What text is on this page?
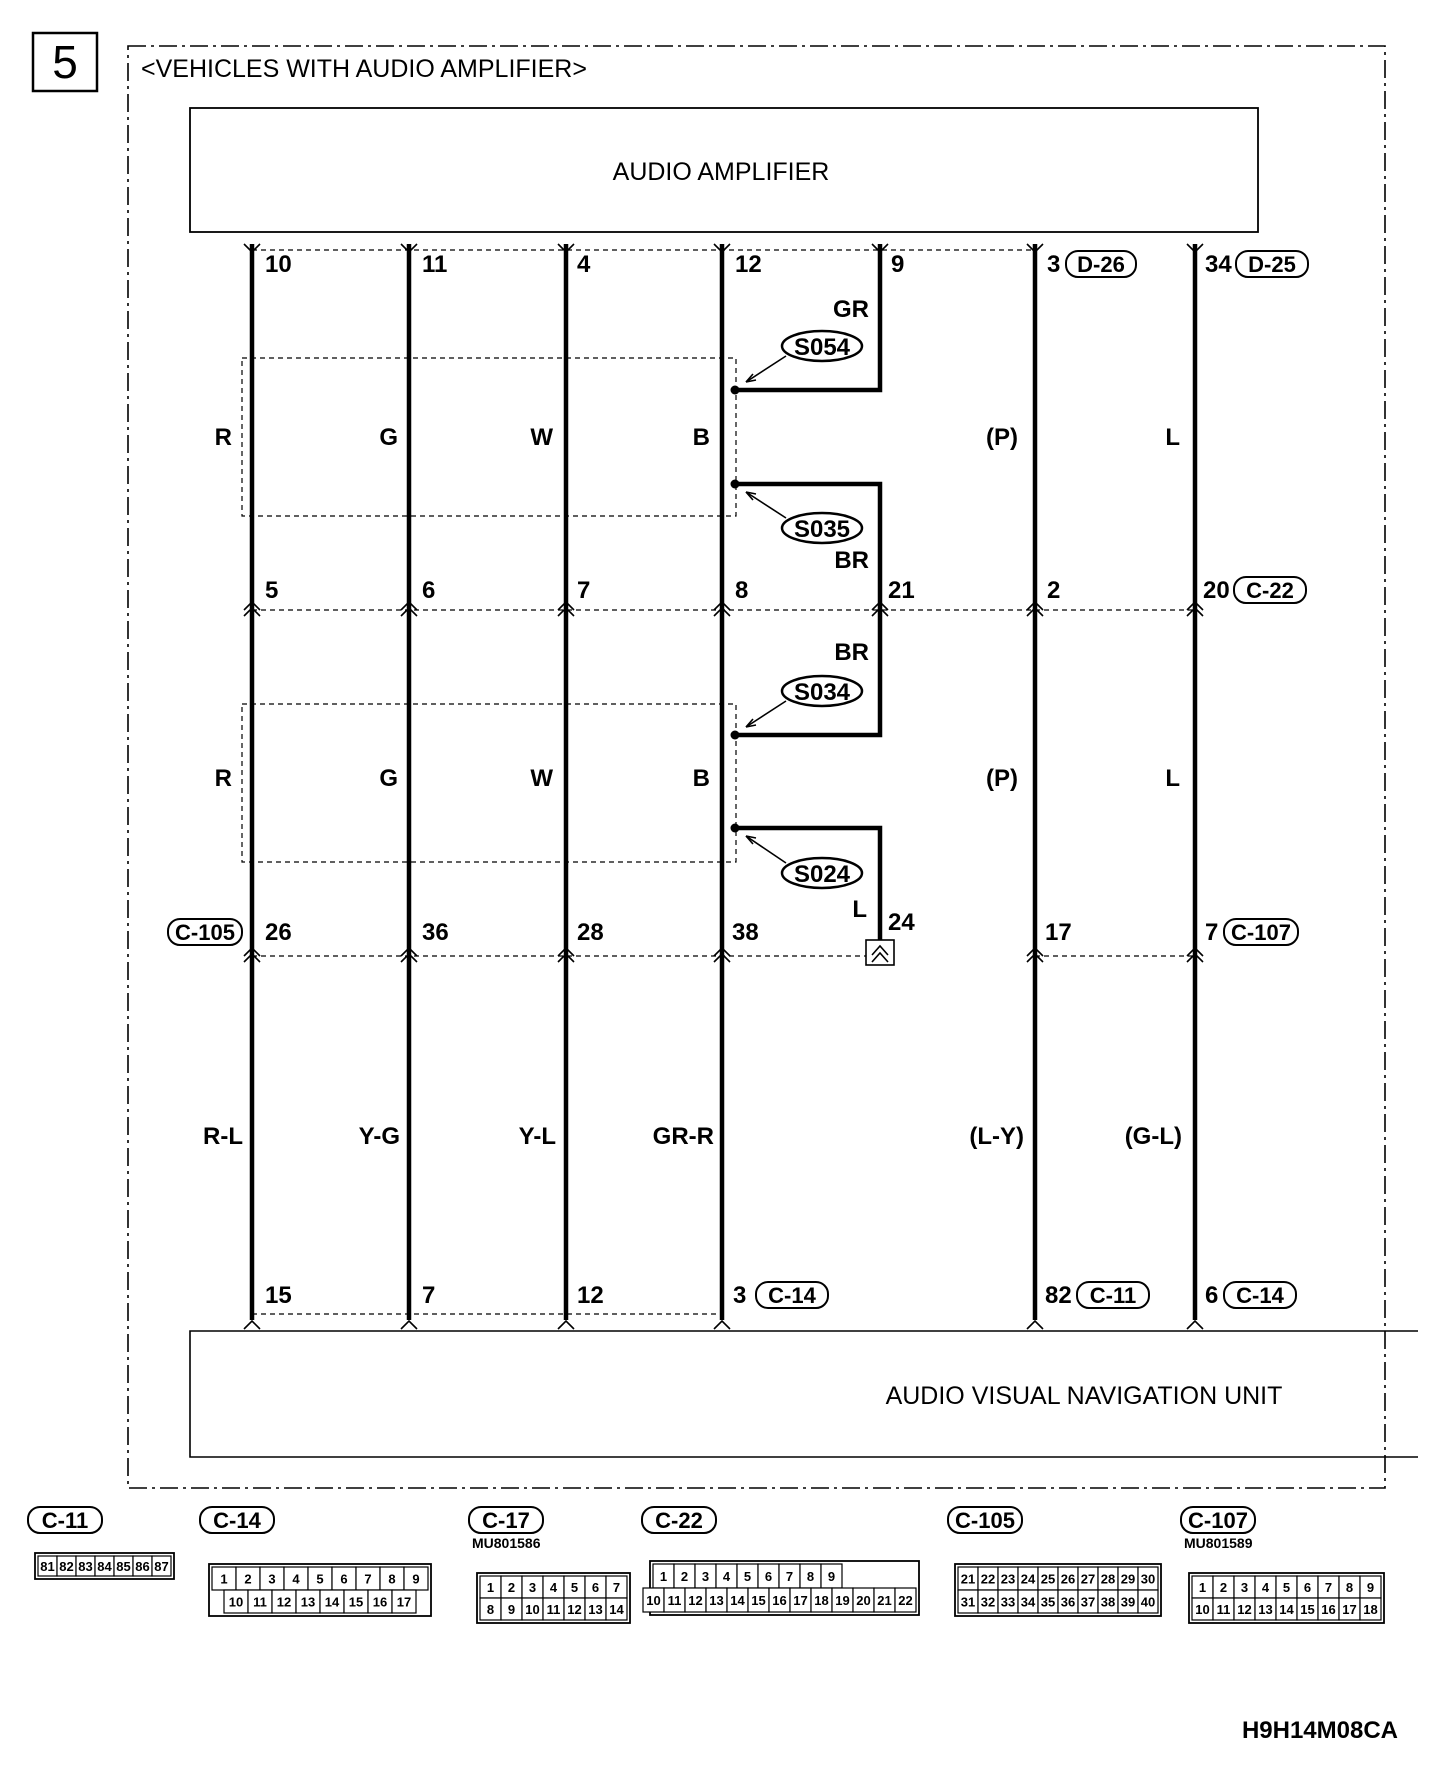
5	<VEHICLES WITH AUDIO AMPLIFIER>
AUDIO AMPLIFIER
AUDIO VISUAL NAVIGATION UNIT
S054
S035
S034
S024
10	11	4	12	9	3	34
D-26	D-25
C-22
C-105	C-107
C-14	C-11	C-14
5	6	7	8	21	2	20
26	36	28	38	24	17	7
15	7	12	3	82	6
R	G	W	B	(P)	L
R	G	W	B	(P)	L
R-L	Y-G	Y-L	GR-R	(L-Y)	(G-L)
GR
BR
BR
L
C-11
81 82 83 84 85 86 87
C-14
1 2 3 4 5 6 7 8 9
10 11 12 13 14 15 16 17
C-17
MU801586
1 2 3 4 5 6 7
8 9 10 11 12 13 14
C-22
1 2 3 4 5 6 7 8 9
10 11 12 13 14 15 16 17 18 19 20 21 22
C-105
21 22 23 24 25 26 27 28 29 30
31 32 33 34 35 36 37 38 39 40
C-107
MU801589
1 2 3 4 5 6 7 8 9
10 11 12 13 14 15 16 17 18
H9H14M08CA
